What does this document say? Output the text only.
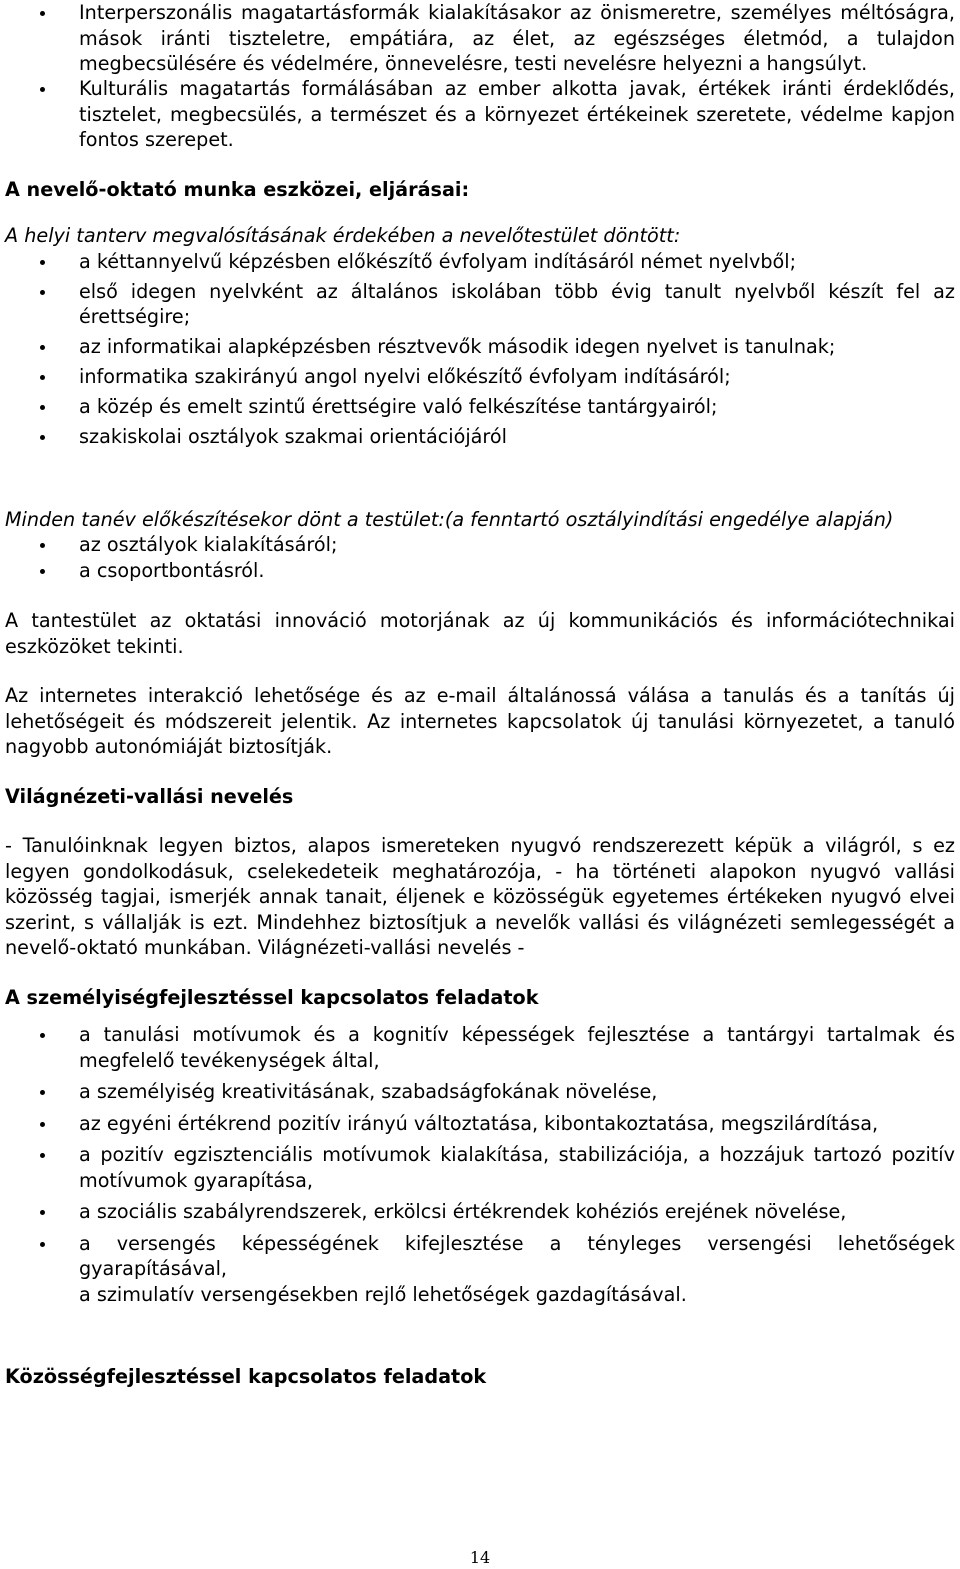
Interperszonális magatartásformák kialakításakor az önismeretre, személyes méltóságra, mások iránti tiszteletre, empátiára, az élet, az egészséges életmód, a tulajdon megbecsülésére és védelmére, önnevelésre, testi nevelésre helyezni a hangsúlyt.
Kulturális magatartás formálásában az ember alkotta javak, értékek iránti érdeklődés, tisztelet, megbecsülés, a természet és a környezet értékeinek szeretete, védelme kapjon fontos szerepet.

A nevelő-oktató munka eszközei, eljárásai:

A helyi tanterv megvalósításának érdekében a nevelőtestület döntött:

a kéttannyelvű képzésben előkészítő évfolyam indításáról német nyelvből;
első idegen nyelvként az általános iskolában több évig tanult nyelvből készít fel az érettségire;
az informatikai alapképzésben résztvevők második idegen nyelvet is tanulnak;
informatika szakirányú angol nyelvi előkészítő évfolyam indításáról;
a közép és emelt szintű érettségire való felkészítése tantárgyairól;
szakiskolai osztályok szakmai orientációjáról

Minden tanév előkészítésekor dönt a testület:(a fenntartó osztályindítási engedélye alapján)

az osztályok kialakításáról;
a csoportbontásról.

A tantestület az oktatási innováció motorjának az új kommunikációs és információtechnikai eszközöket tekinti.

Az internetes interakció lehetősége és az e-mail általánossá válása a tanulás és a tanítás új lehetőségeit és módszereit jelentik. Az internetes kapcsolatok új tanulási környezetet, a tanuló nagyobb autonómiáját biztosítják.

Világnézeti-vallási nevelés

- Tanulóinknak legyen biztos, alapos ismereteken nyugvó rendszerezett képük a világról, s ez legyen gondolkodásuk, cselekedeteik meghatározója, - ha történeti alapokon nyugvó vallási közösség tagjai, ismerjék annak tanait, éljenek e közösségük egyetemes értékeken nyugvó elvei szerint, s vállalják is ezt. Mindehhez biztosítjuk a nevelők vallási és világnézeti semlegességét a nevelő-oktató munkában. Világnézeti-vallási nevelés -

A személyiségfejlesztéssel kapcsolatos feladatok

a tanulási motívumok és a kognitív képességek fejlesztése a tantárgyi tartalmak és megfelelő tevékenységek által,
a személyiség kreativitásának, szabadságfokának növelése,
az egyéni értékrend pozitív irányú változtatása, kibontakoztatása, megszilárdítása,
a pozitív egzisztenciális motívumok kialakítása, stabilizációja, a hozzájuk tartozó pozitív motívumok gyarapítása,
a szociális szabályrendszerek, erkölcsi értékrendek kohéziós erejének növelése,
a versengés képességének kifejlesztése a tényleges versengési lehetőségek gyarapításával,

a szimulatív versengésekben rejlő lehetőségek gazdagításával.

Közösségfejlesztéssel kapcsolatos feladatok

14
